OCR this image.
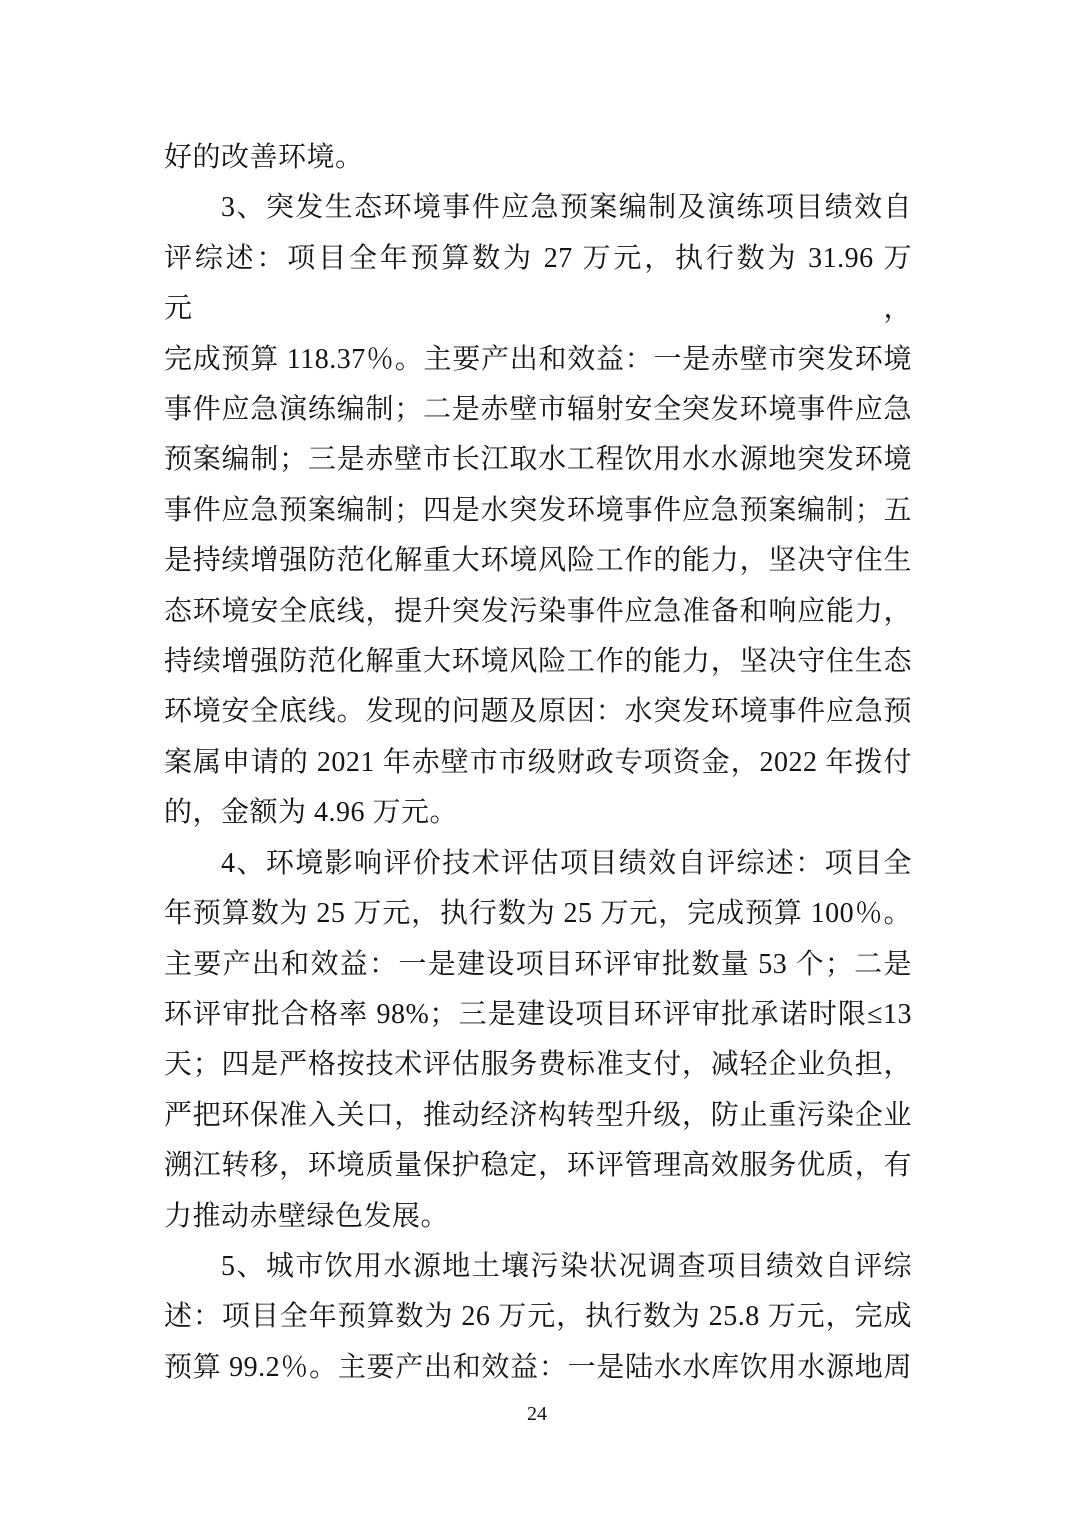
好的改善环境。
3、突发生态环境事件应急预案编制及演练项目绩效自
评综述：项目全年预算数为 27 万元，执行数为 31.96 万元，
完成预算 118.37％。主要产出和效益：一是赤壁市突发环境
事件应急演练编制；二是赤壁市辐射安全突发环境事件应急
预案编制；三是赤壁市长江取水工程饮用水水源地突发环境
事件应急预案编制；四是水突发环境事件应急预案编制；五
是持续增强防范化解重大环境风险工作的能力，坚决守住生
态环境安全底线，提升突发污染事件应急准备和响应能力，
持续增强防范化解重大环境风险工作的能力，坚决守住生态
环境安全底线。发现的问题及原因：水突发环境事件应急预
案属申请的 2021 年赤壁市市级财政专项资金，2022 年拨付
的，金额为 4.96 万元。
4、环境影响评价技术评估项目绩效自评综述：项目全
年预算数为 25 万元，执行数为 25 万元，完成预算 100％。
主要产出和效益：一是建设项目环评审批数量 53 个；二是
环评审批合格率 98%；三是建设项目环评审批承诺时限≤13
天；四是严格按技术评估服务费标准支付，减轻企业负担，
严把环保准入关口，推动经济构转型升级，防止重污染企业
溯江转移，环境质量保护稳定，环评管理高效服务优质，有
力推动赤壁绿色发展。
5、城市饮用水源地土壤污染状况调查项目绩效自评综
述：项目全年预算数为 26 万元，执行数为 25.8 万元，完成
预算 99.2％。主要产出和效益：一是陆水水库饮用水源地周
24
